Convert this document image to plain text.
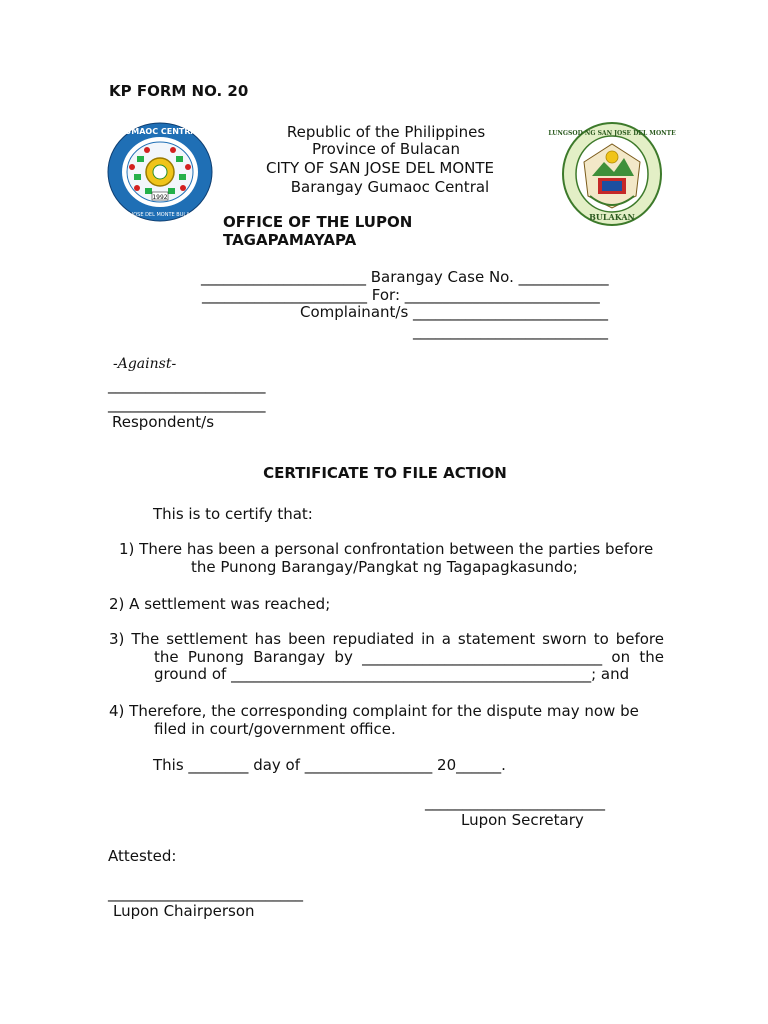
KP FORM NO. 20
1992
GUMAOC CENTRAL
SAN JOSE DEL MONTE BULACAN
LUNGSOD NG SAN JOSE DEL MONTE
BULAKAN
Republic of the Philippines
Province of Bulacan
CITY OF SAN JOSE DEL MONTE
Barangay Gumaoc Central
OFFICE OF THE LUPON
TAGAPAMAYAPA
______________________ Barangay Case No. ____________
______________________ For: __________________________
Complainant/s __________________________
__________________________
-Against-
_____________________
_____________________
Respondent/s
CERTIFICATE TO FILE ACTION
This is to certify that:
1) There has been a personal confrontation between the parties before
the Punong Barangay/Pangkat ng Tagapagkasundo;
2) A settlement was reached;
3) The settlement has been repudiated in a statement sworn to before
the Punong Barangay by ________________________________ on the
ground of ________________________________________________; and
4) Therefore, the corresponding complaint for the dispute may now be
filed in court/government office.
This ________ day of _________________ 20______.
________________________
Lupon Secretary
Attested:
__________________________
Lupon Chairperson
